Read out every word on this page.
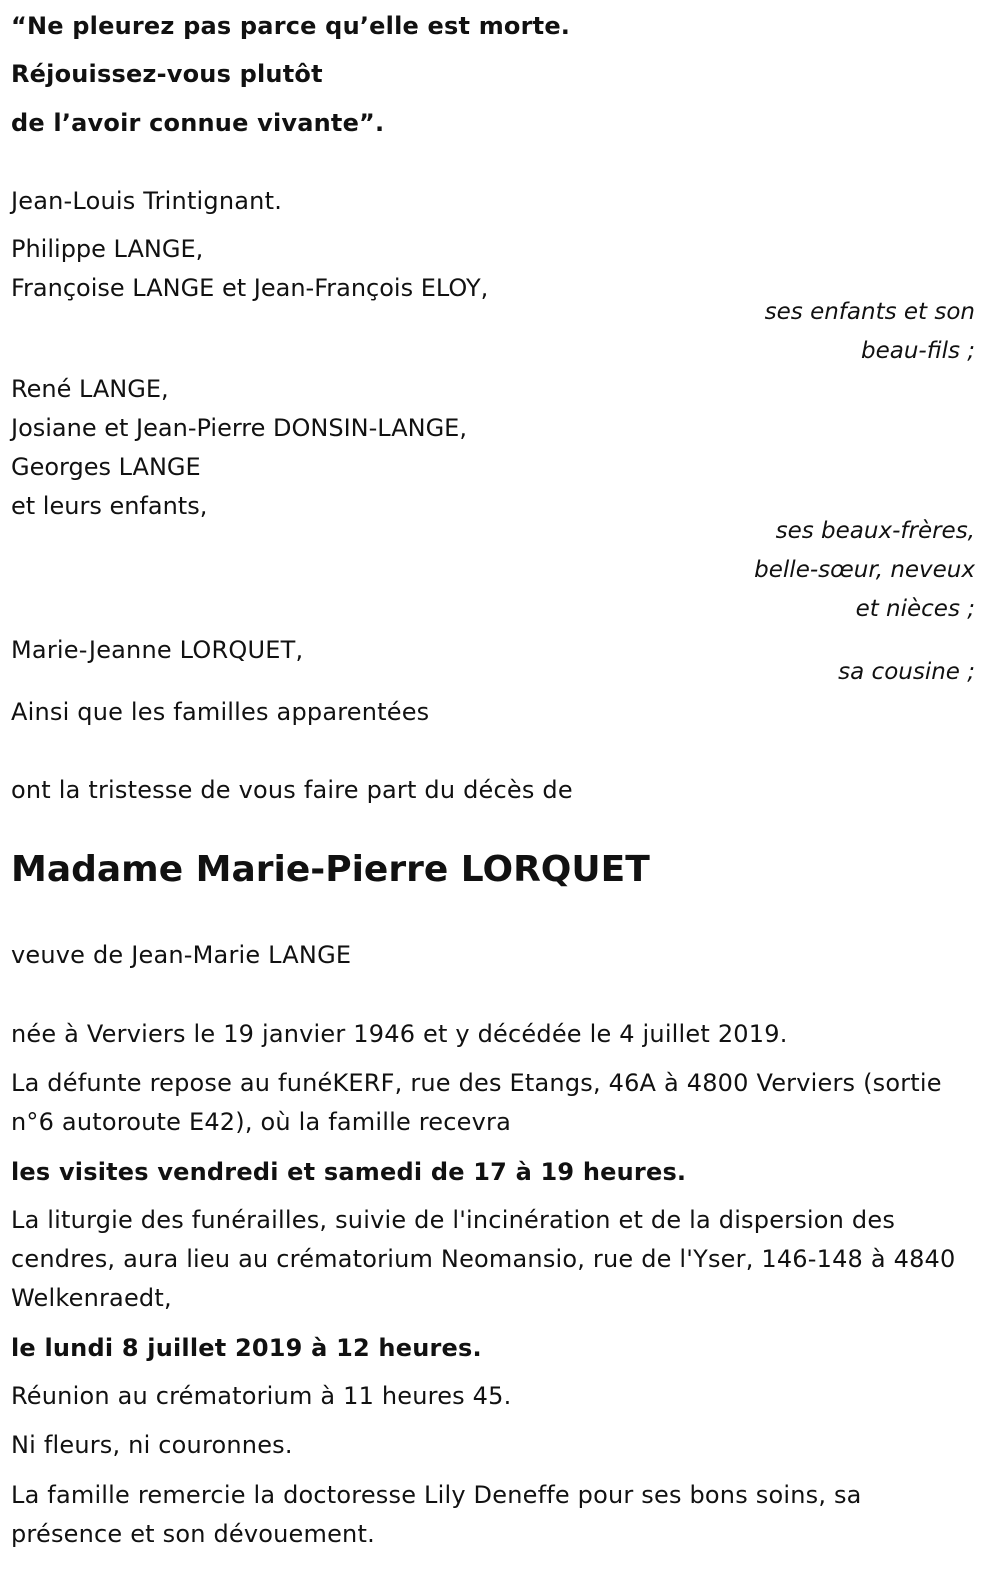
“Ne pleurez pas parce qu’elle est morte.
Réjouissez-vous plutôt
de l’avoir connue vivante”.
Jean-Louis Trintignant.
Philippe LANGE,
Françoise LANGE et Jean-François ELOY,
ses enfants et son
beau-fils ;
René LANGE,
Josiane et Jean-Pierre DONSIN-LANGE,
Georges LANGE
et leurs enfants,
ses beaux-frères,
belle-sœur, neveux
et nièces ;
Marie-Jeanne LORQUET,
sa cousine ;
Ainsi que les familles apparentées
ont la tristesse de vous faire part du décès de
Madame Marie-Pierre LORQUET
veuve de Jean-Marie LANGE
née à Verviers le 19 janvier 1946 et y décédée le 4 juillet 2019.
La défunte repose au funéKERF, rue des Etangs, 46A à 4800 Verviers (sortie n°6 autoroute E42), où la famille recevra
les visites vendredi et samedi de 17 à 19 heures.
La liturgie des funérailles, suivie de l'incinération et de la dispersion des cendres, aura lieu au crématorium Neomansio, rue de l'Yser, 146-148 à 4840 Welkenraedt,
le lundi 8 juillet 2019 à 12 heures.
Réunion au crématorium à 11 heures 45.
Ni fleurs, ni couronnes.
La famille remercie la doctoresse Lily Deneffe pour ses bons soins, sa présence et son dévouement.
